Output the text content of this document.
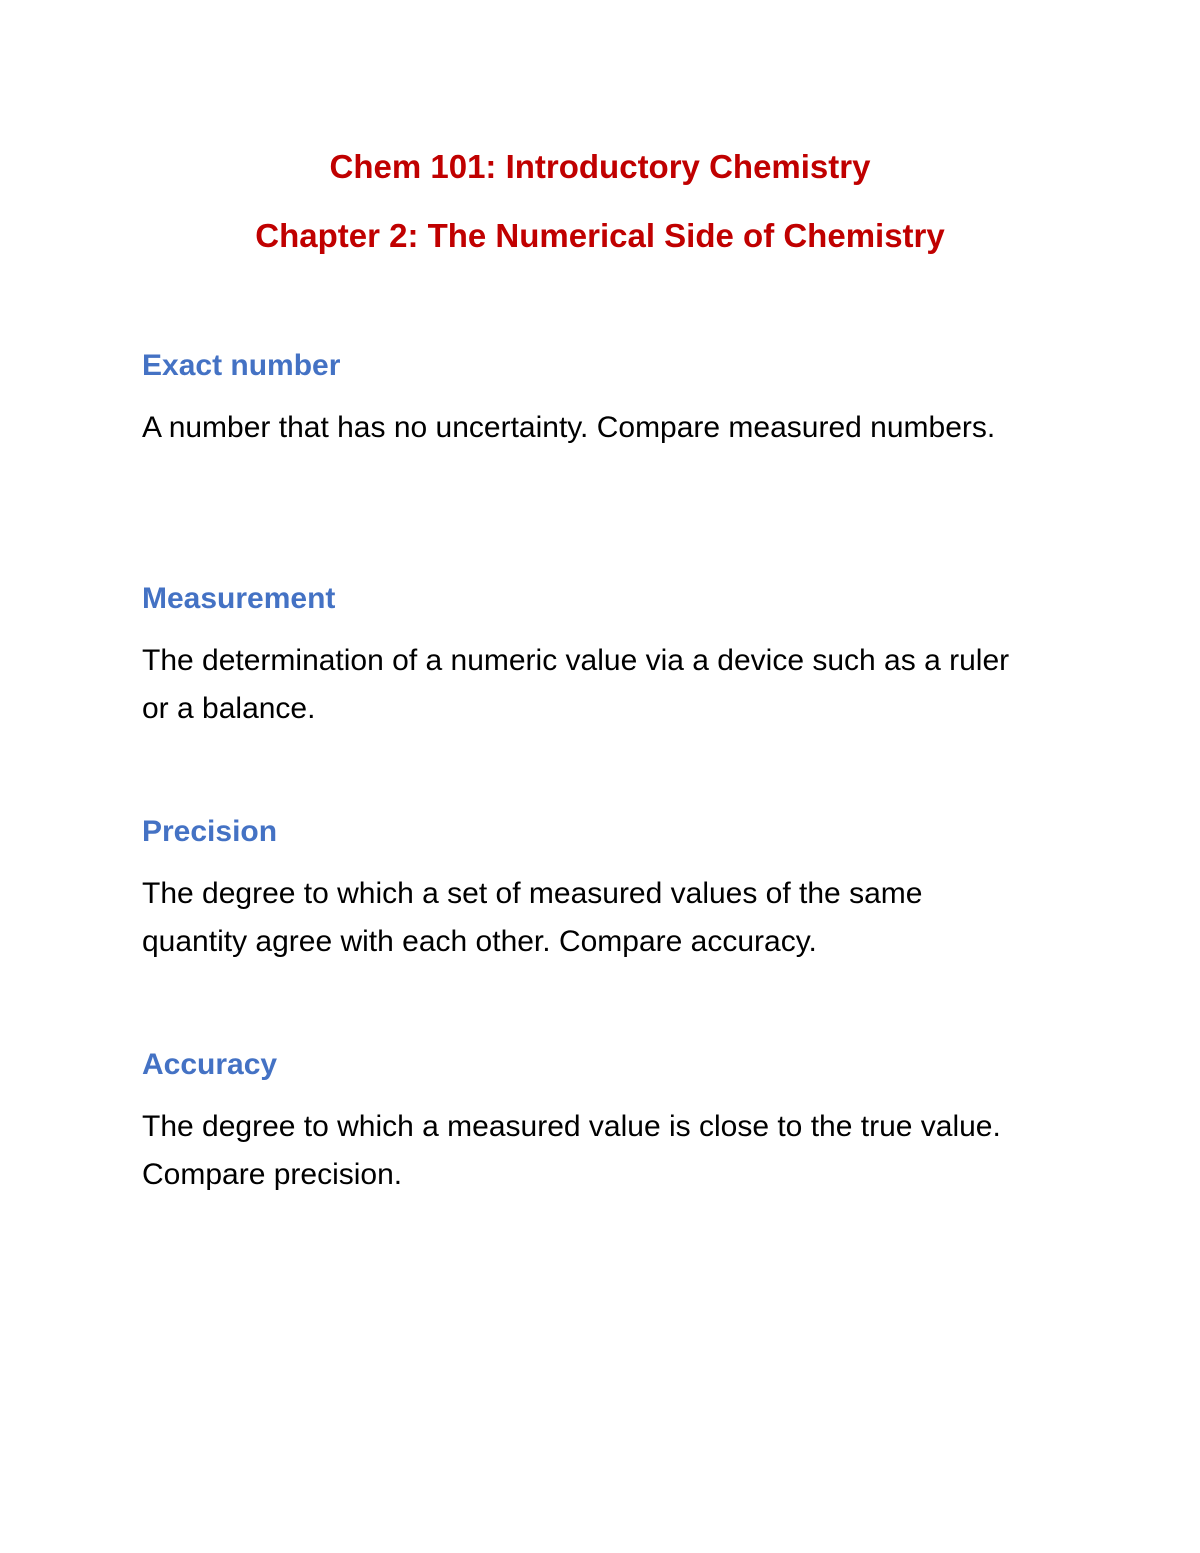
Chem 101: Introductory Chemistry
Chapter 2: The Numerical Side of Chemistry
Exact number

A number that has no uncertainty. Compare measured numbers.

Measurement

The determination of a numeric value via a device such as a ruler or a balance.

Precision

The degree to which a set of measured values of the same quantity agree with each other. Compare accuracy.

Accuracy

The degree to which a measured value is close to the true value. Compare precision.
